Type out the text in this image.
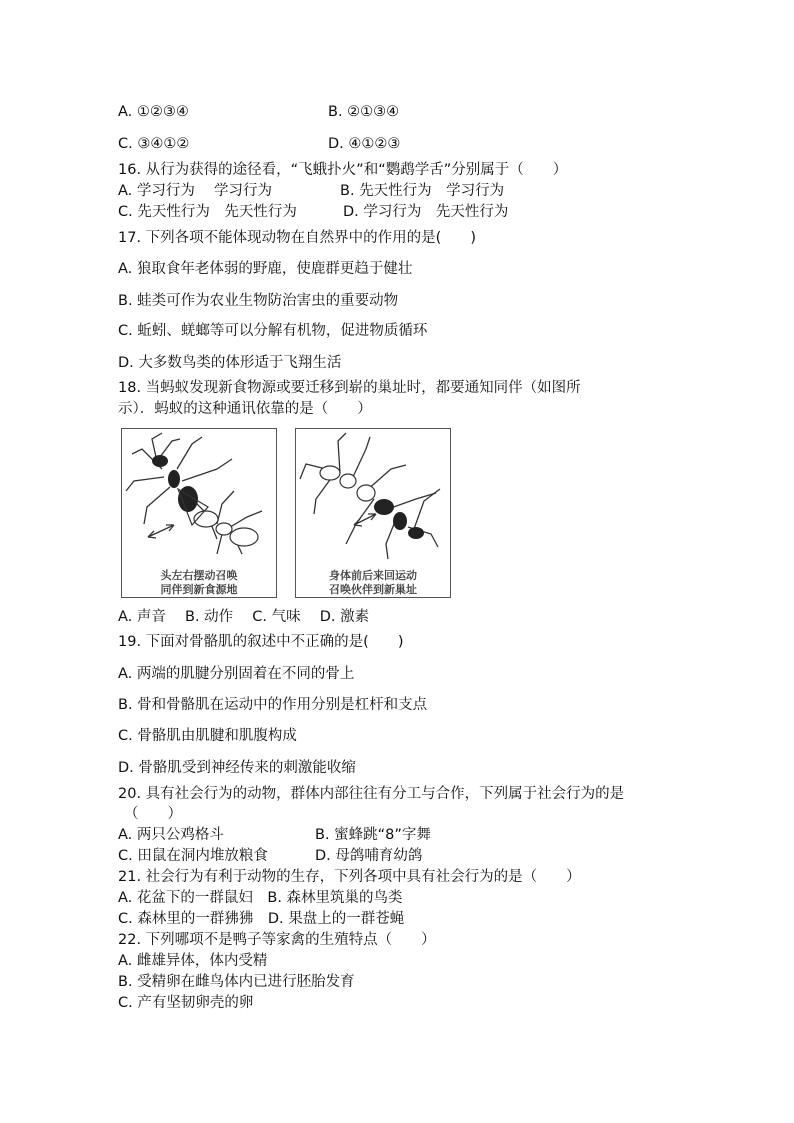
A. ①②③④	B. ②①③④
C. ③④①②	D. ④①②③
16. 从行为获得的途径看，“飞蛾扑火”和“鹦鹉学舌”分别属于（　　）
A. 学习行为　 学习行为	B. 先天性行为　学习行为
C. 先天性行为　先天性行为	D. 学习行为　先天性行为
17. 下列各项不能体现动物在自然界中的作用的是(　　)
A. 狼取食年老体弱的野鹿，使鹿群更趋于健壮
B. 蛙类可作为农业生物防治害虫的重要动物
C. 蚯蚓、蜣螂等可以分解有机物，促进物质循环
D. 大多数鸟类的体形适于飞翔生活
18. 当蚂蚁发现新食物源或要迁移到崭的巢址时，都要通知同伴（如图所
示）．蚂蚁的这种通讯依靠的是（　　）
头左右摆动召唤
同伴到新食源地
身体前后来回运动
召唤伙伴到新巢址
A. 声音　 B. 动作　 C. 气味　 D. 激素
19. 下面对骨骼肌的叙述中不正确的是(　　)
A. 两端的肌腱分别固着在不同的骨上
B. 骨和骨骼肌在运动中的作用分别是杠杆和支点
C. 骨骼肌由肌腱和肌腹构成
D. 骨骼肌受到神经传来的刺激能收缩
20. 具有社会行为的动物，群体内部往往有分工与合作，下列属于社会行为的是
（　　）
A. 两只公鸡格斗	B. 蜜蜂跳“8”字舞
C. 田鼠在洞内堆放粮食	D. 母鸽哺育幼鸽
21. 社会行为有利于动物的生存，下列各项中具有社会行为的是（　　）
A. 花盆下的一群鼠妇　B. 森林里筑巢的鸟类
C. 森林里的一群狒狒　D. 果盘上的一群苍蝇
22. 下列哪项不是鸭子等家禽的生殖特点（　　）
A. 雌雄异体，体内受精
B. 受精卵在雌鸟体内已进行胚胎发育
C. 产有坚韧卵壳的卵
